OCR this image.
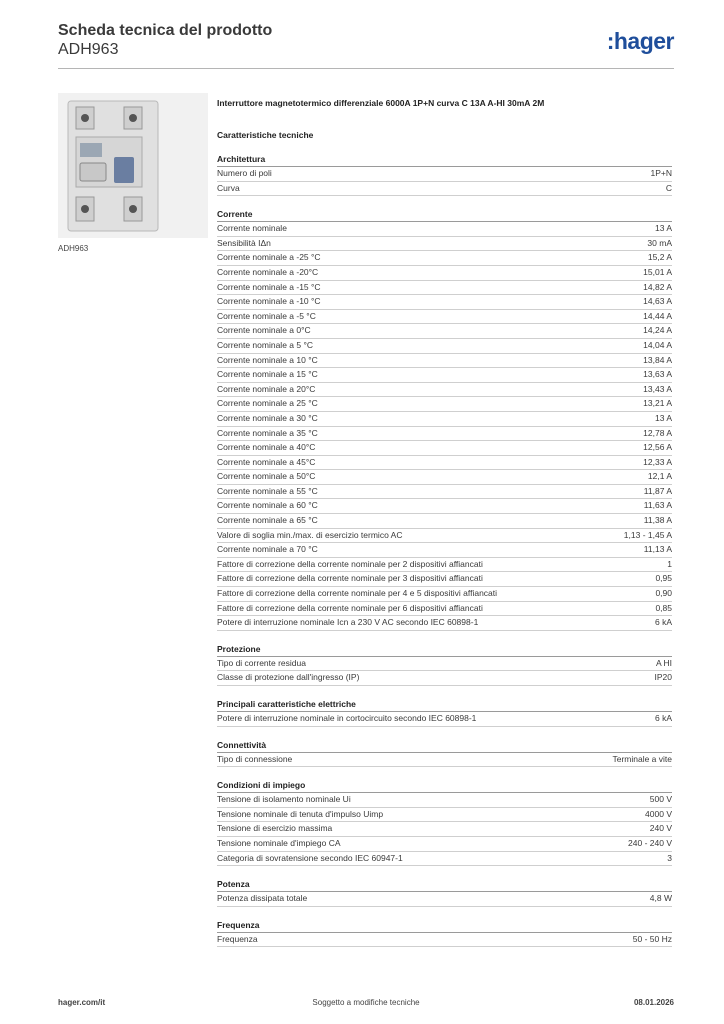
Scheda tecnica del prodotto
ADH963	:hager
ADH963
Interruttore magnetotermico differenziale 6000A 1P+N curva C 13A A-HI 30mA 2M
Caratteristiche tecniche
Architettura
Numero di poli	1P+N
Curva	C
Corrente
Corrente nominale	13 A
Sensibilità IΔn	30 mA
Corrente nominale a -25 °C	15,2 A
Corrente nominale a -20°C	15,01 A
Corrente nominale a -15 °C	14,82 A
Corrente nominale a -10 °C	14,63 A
Corrente nominale a -5 °C	14,44 A
Corrente nominale a 0°C	14,24 A
Corrente nominale a 5 °C	14,04 A
Corrente nominale a 10 °C	13,84 A
Corrente nominale a 15 °C	13,63 A
Corrente nominale a 20°C	13,43 A
Corrente nominale a 25 °C	13,21 A
Corrente nominale a 30 °C	13 A
Corrente nominale a 35 °C	12,78 A
Corrente nominale a 40°C	12,56 A
Corrente nominale a 45°C	12,33 A
Corrente nominale a 50°C	12,1 A
Corrente nominale a 55 °C	11,87 A
Corrente nominale a 60 °C	11,63 A
Corrente nominale a 65 °C	11,38 A
Valore di soglia min./max. di esercizio termico AC	1,13 - 1,45 A
Corrente nominale a 70 °C	11,13 A
Fattore di correzione della corrente nominale per 2 dispositivi affiancati	1
Fattore di correzione della corrente nominale per 3 dispositivi affiancati	0,95
Fattore di correzione della corrente nominale per 4 e 5 dispositivi affiancati	0,90
Fattore di correzione della corrente nominale per 6 dispositivi affiancati	0,85
Potere di interruzione nominale Icn a 230 V AC secondo IEC 60898-1	6 kA
Protezione
Tipo di corrente residua	A HI
Classe di protezione dall'ingresso (IP)	IP20
Principali caratteristiche elettriche
Potere di interruzione nominale in cortocircuito secondo IEC 60898-1	6 kA
Connettività
Tipo di connessione	Terminale a vite
Condizioni di impiego
Tensione di isolamento nominale Ui	500 V
Tensione nominale di tenuta d'impulso Uimp	4000 V
Tensione di esercizio massima	240 V
Tensione nominale d'impiego CA	240 - 240 V
Categoria di sovratensione secondo IEC 60947-1	3
Potenza
Potenza dissipata totale	4,8 W
Frequenza
Frequenza	50 - 50 Hz
hager.com/it	Soggetto a modifiche tecniche	08.01.2026
